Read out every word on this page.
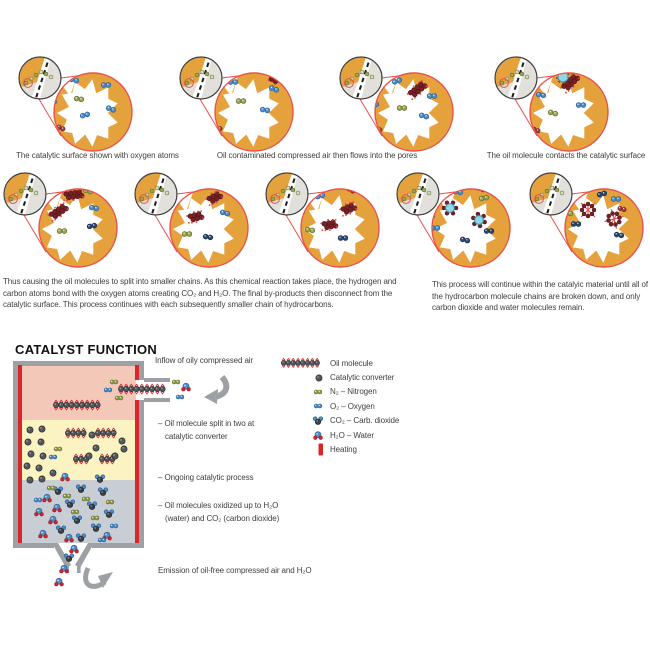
The catalytic surface shown with oxygen atoms	Oil contaminated compressed air then flows into the pores	The oil molecule contacts the catalytic surface
Thus causing the oil molecules to split into smaller chains. As this chemical reaction takes place, the hydrogen and carbon atoms bond with the oxygen atoms creating CO₂ and H₂O. The final by-products then disconnect from the catalytic surface. This process continues with each subsequently smaller chain of hydrocarbons.
This process will continue within the catalyic material until all of the hydrocarbon molecule chains are broken down, and only carbon dioxide and water molecules remain.
CATALYST FUNCTION
Inflow of oily compressed air
– Oil molecule split in two at
catalytic converter
– Ongoing catalytic process
– Oil molecules oxidized up to H₂O
(water) and CO₂ (carbon dioxide)
Emission of oil-free compressed air and H₂O
Oil molecule
Catalytic converter
N₂ – Nitrogen
O₂ – Oxygen
CO₂ – Carb. dioxide
H₂O – Water
Heating
